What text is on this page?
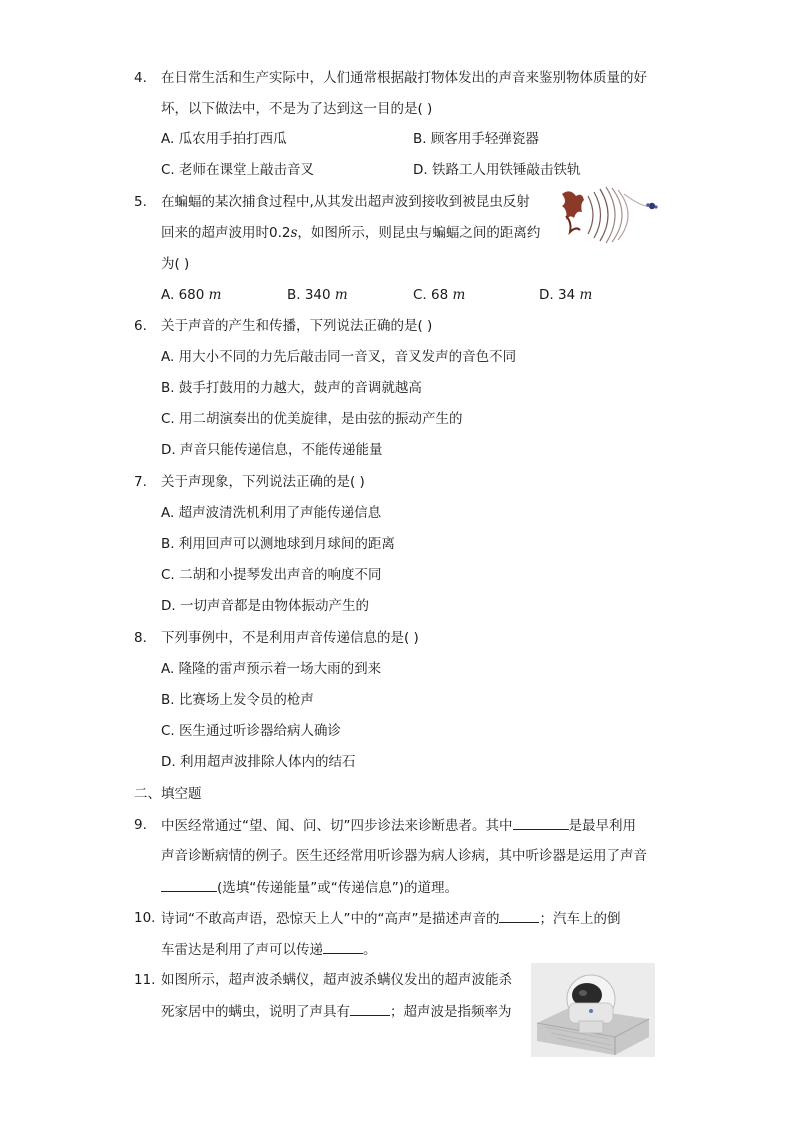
4. 在日常生活和生产实际中，人们通常根据敲打物体发出的声音来鉴别物体质量的好
坏，以下做法中，不是为了达到这一目的是( )
A. 瓜农用手拍打西瓜	B. 顾客用手轻弹瓷器
C. 老师在课堂上敲击音叉	D. 铁路工人用铁锤敲击铁轨
5. 在蝙蝠的某次捕食过程中,从其发出超声波到接收到被昆虫反射
回来的超声波用时0.2s，如图所示，则昆虫与蝙蝠之间的距离约
为( )
A. 680 m	B. 340 m	C. 68 m	D. 34 m
6. 关于声音的产生和传播，下列说法正确的是( )
A. 用大小不同的力先后敲击同一音叉，音叉发声的音色不同
B. 鼓手打鼓用的力越大，鼓声的音调就越高
C. 用二胡演奏出的优美旋律，是由弦的振动产生的
D. 声音只能传递信息，不能传递能量
7. 关于声现象，下列说法正确的是( )
A. 超声波清洗机利用了声能传递信息
B. 利用回声可以测地球到月球间的距离
C. 二胡和小提琴发出声音的响度不同
D. 一切声音都是由物体振动产生的
8. 下列事例中，不是利用声音传递信息的是( )
A. 隆隆的雷声预示着一场大雨的到来
B. 比赛场上发令员的枪声
C. 医生通过听诊器给病人确诊
D. 利用超声波排除人体内的结石
二、填空题
9. 中医经常通过“望、闻、问、切”四步诊法来诊断患者。其中	是最早利用
声音诊断病情的例子。医生还经常用听诊器为病人诊病，其中听诊器是运用了声音
(选填“传递能量”或“传递信息”)的道理。
10. 诗词“不敢高声语，恐惊天上人”中的“高声”是描述声音的	；汽车上的倒
车雷达是利用了声可以传递	。
11. 如图所示，超声波杀螨仪，超声波杀螨仪发出的超声波能杀
死家居中的螨虫，说明了声具有	；超声波是指频率为
